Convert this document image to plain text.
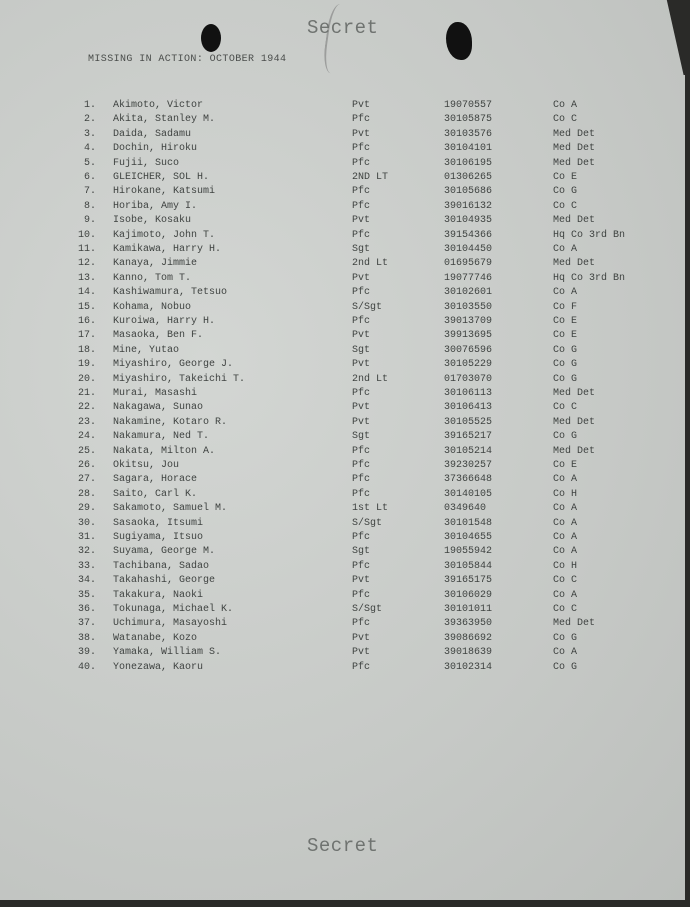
Secret
MISSING IN ACTION: OCTOBER 1944
1. Akimoto, Victor	Pvt	19070557	Co A
2. Akita, Stanley M.	Pfc	30105875	Co C
3. Daida, Sadamu	Pvt	30103576	Med Det
4. Dochin, Hiroku	Pfc	30104101	Med Det
5. Fujii, Suco	Pfc	30106195	Med Det
6. GLEICHER, SOL H.	2ND LT	01306265	Co E
7. Hirokane, Katsumi	Pfc	30105686	Co G
8. Horiba, Amy I.	Pfc	39016132	Co C
9. Isobe, Kosaku	Pvt	30104935	Med Det
10. Kajimoto, John T.	Pfc	39154366	Hq Co 3rd Bn
11. Kamikawa, Harry H.	Sgt	30104450	Co A
12. Kanaya, Jimmie	2nd Lt	01695679	Med Det
13. Kanno, Tom T.	Pvt	19077746	Hq Co 3rd Bn
14. Kashiwamura, Tetsuo	Pfc	30102601	Co A
15. Kohama, Nobuo	S/Sgt	30103550	Co F
16. Kuroiwa, Harry H.	Pfc	39013709	Co E
17. Masaoka, Ben F.	Pvt	39913695	Co E
18. Mine, Yutao	Sgt	30076596	Co G
19. Miyashiro, George J.	Pvt	30105229	Co G
20. Miyashiro, Takeichi T.	2nd Lt	01703070	Co G
21. Murai, Masashi	Pfc	30106113	Med Det
22. Nakagawa, Sunao	Pvt	30106413	Co C
23. Nakamine, Kotaro R.	Pvt	30105525	Med Det
24. Nakamura, Ned T.	Sgt	39165217	Co G
25. Nakata, Milton A.	Pfc	30105214	Med Det
26. Okitsu, Jou	Pfc	39230257	Co E
27. Sagara, Horace	Pfc	37366648	Co A
28. Saito, Carl K.	Pfc	30140105	Co H
29. Sakamoto, Samuel M.	1st Lt	0349640	Co A
30. Sasaoka, Itsumi	S/Sgt	30101548	Co A
31. Sugiyama, Itsuo	Pfc	30104655	Co A
32. Suyama, George M.	Sgt	19055942	Co A
33. Tachibana, Sadao	Pfc	30105844	Co H
34. Takahashi, George	Pvt	39165175	Co C
35. Takakura, Naoki	Pfc	30106029	Co A
36. Tokunaga, Michael K.	S/Sgt	30101011	Co C
37. Uchimura, Masayoshi	Pfc	39363950	Med Det
38. Watanabe, Kozo	Pvt	39086692	Co G
39. Yamaka, William S.	Pvt	39018639	Co A
40. Yonezawa, Kaoru	Pfc	30102314	Co G
Secret
